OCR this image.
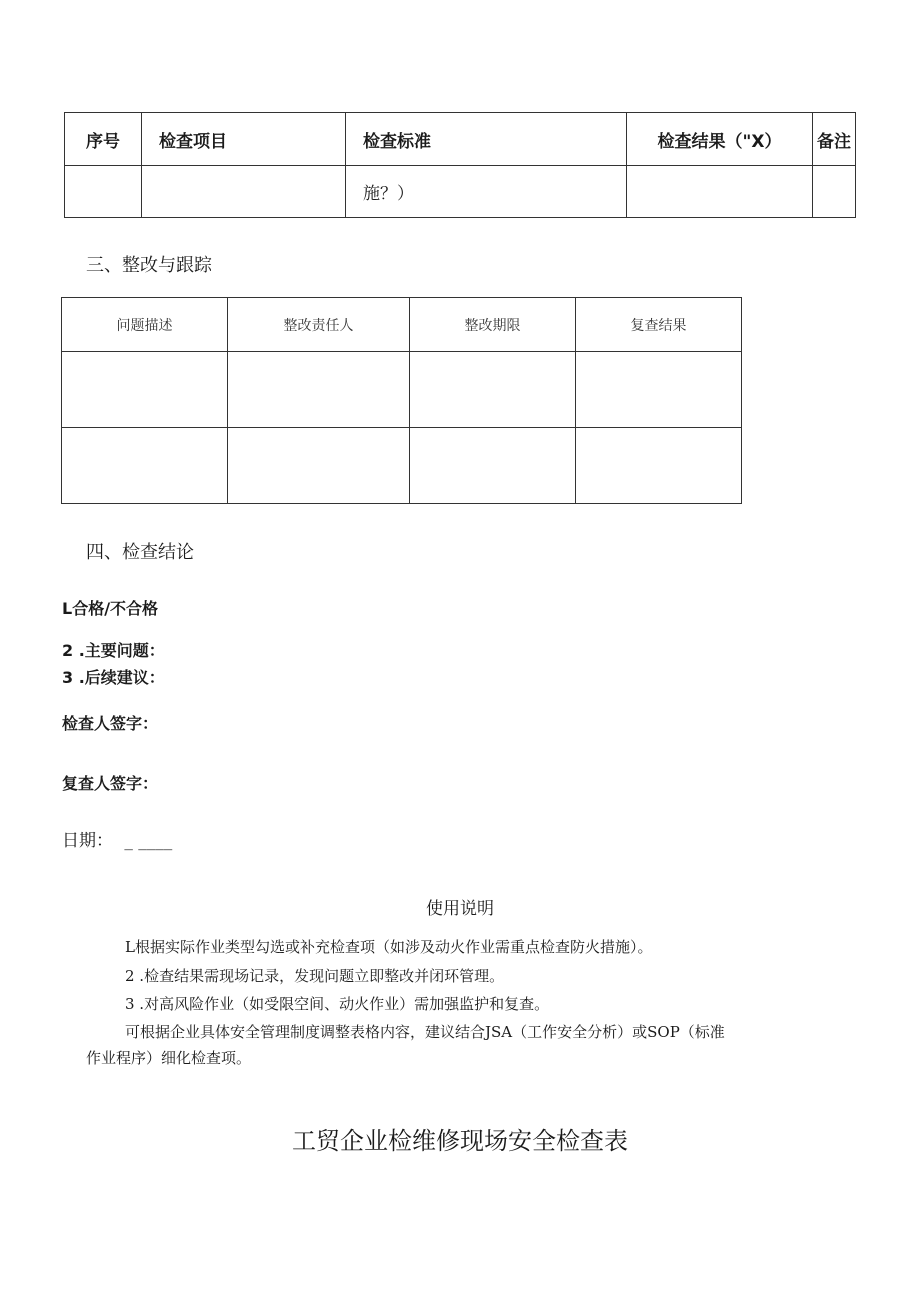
序号	检查项目	检查标准	检查结果（"X）	备注
		施？）		
三、整改与跟踪
问题描述	整改责任人	整改期限	复查结果

四、检查结论
L合格/不合格
2 .主要问题：
3 .后续建议：
检查人签字：
复查人签字：
日期： _ ____
使用说明
L根据实际作业类型勾选或补充检查项（如涉及动火作业需重点检查防火措施）。
2 .检查结果需现场记录，发现问题立即整改并闭环管理。
3 .对高风险作业（如受限空间、动火作业）需加强监护和复查。
可根据企业具体安全管理制度调整表格内容，建议结合JSA（工作安全分析）或SOP（标准
作业程序）细化检查项。
工贸企业检维修现场安全检查表
